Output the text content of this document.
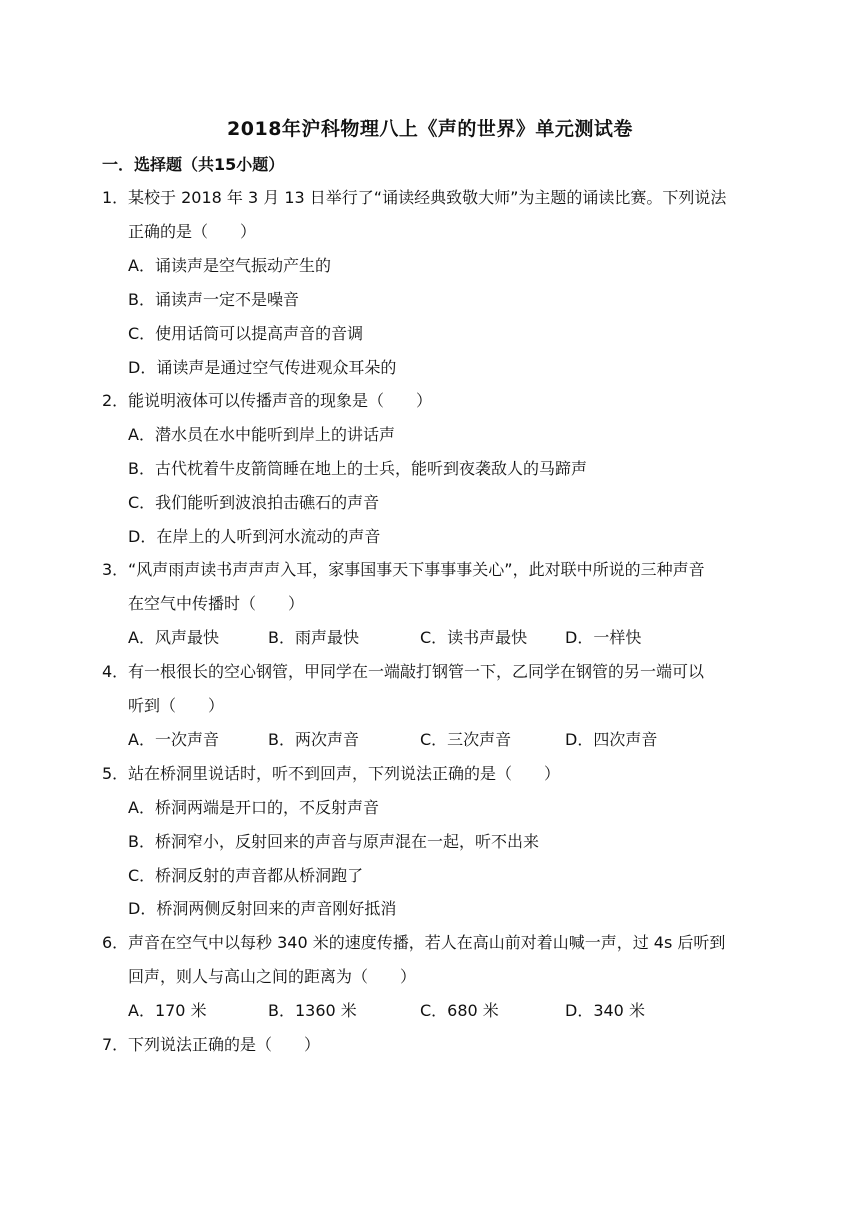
2018年沪科物理八上《声的世界》单元测试卷
一．选择题（共15小题）
1． 某校于 2018 年 3 月 13 日举行了“诵读经典致敬大师”为主题的诵读比赛。下列说法
正确的是（　　）
A．诵读声是空气振动产生的
B．诵读声一定不是噪音
C．使用话筒可以提高声音的音调
D．诵读声是通过空气传进观众耳朵的
2． 能说明液体可以传播声音的现象是（　　）
A．潜水员在水中能听到岸上的讲话声
B．古代枕着牛皮箭筒睡在地上的士兵，能听到夜袭敌人的马蹄声
C．我们能听到波浪拍击礁石的声音
D．在岸上的人听到河水流动的声音
3． “风声雨声读书声声声入耳，家事国事天下事事事关心”，此对联中所说的三种声音
在空气中传播时（　　）
A．风声最快	B．雨声最快	C．读书声最快 D．一样快
4． 有一根很长的空心钢管，甲同学在一端敲打钢管一下，乙同学在钢管的另一端可以
听到（　　）
A．一次声音	B．两次声音	C．三次声音	D．四次声音
5． 站在桥洞里说话时，听不到回声，下列说法正确的是（　　）
A．桥洞两端是开口的，不反射声音
B．桥洞窄小，反射回来的声音与原声混在一起，听不出来
C．桥洞反射的声音都从桥洞跑了
D．桥洞两侧反射回来的声音刚好抵消
6． 声音在空气中以每秒 340 米的速度传播，若人在高山前对着山喊一声，过 4s 后听到
回声，则人与高山之间的距离为（　　）
A．170 米	B．1360 米	C．680 米	D．340 米
7． 下列说法正确的是（　　）
